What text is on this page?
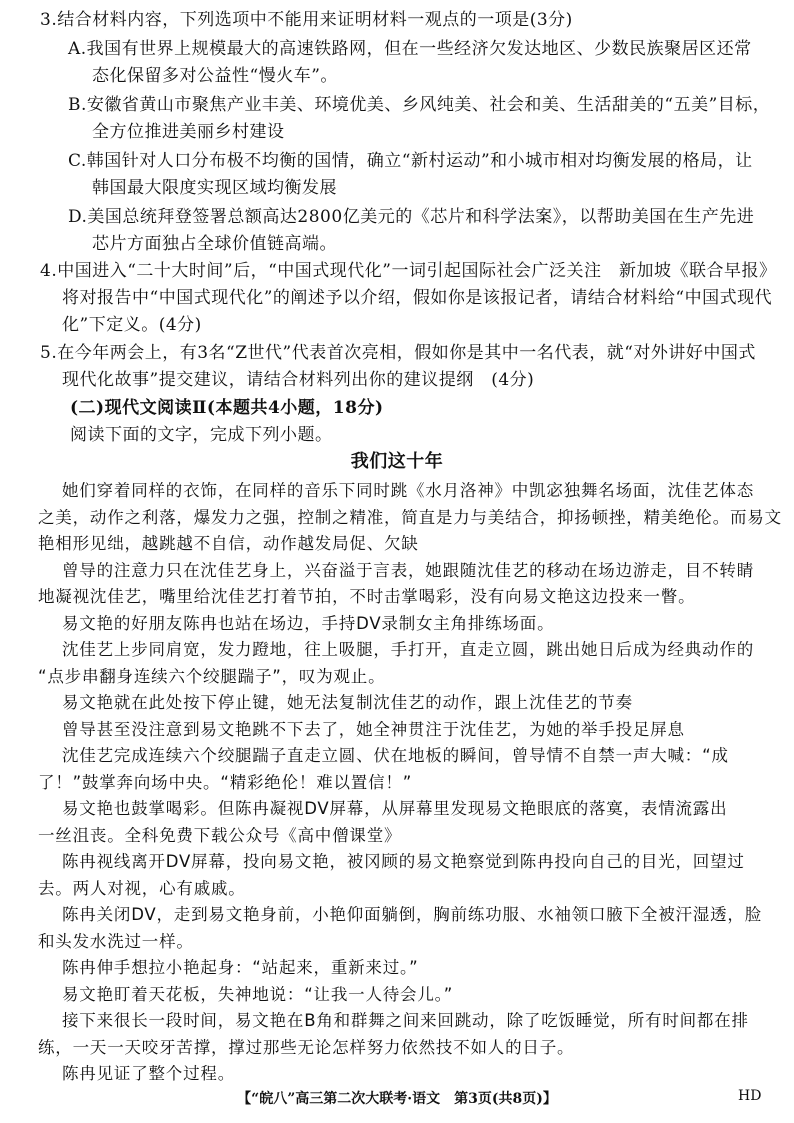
3.结合材料内容，下列选项中不能用来证明材料一观点的一项是(3分)
A.我国有世界上规模最大的高速铁路网，但在一些经济欠发达地区、少数民族聚居区还常
态化保留多对公益性“慢火车”。
B.安徽省黄山市聚焦产业丰美、环境优美、乡风纯美、社会和美、生活甜美的“五美”目标，
全方位推进美丽乡村建设
C.韩国针对人口分布极不均衡的国情，确立“新村运动”和小城市相对均衡发展的格局，让
韩国最大限度实现区域均衡发展
D.美国总统拜登签署总额高达2800亿美元的《芯片和科学法案》，以帮助美国在生产先进
芯片方面独占全球价值链高端。
4.中国进入“二十大时间”后，“中国式现代化”一词引起国际社会广泛关注　新加坡《联合早报》
将对报告中“中国式现代化”的阐述予以介绍，假如你是该报记者，请结合材料给“中国式现代
化”下定义。(4分)
5.在今年两会上，有3名“Z世代”代表首次亮相，假如你是其中一名代表，就“对外讲好中国式
现代化故事”提交建议，请结合材料列出你的建议提纲　(4分)
(二)现代文阅读Ⅱ(本题共4小题，18分)
阅读下面的文字，完成下列小题。
我们这十年
她们穿着同样的衣饰，在同样的音乐下同时跳《水月洛神》中凯宓独舞名场面，沈佳艺体态
之美，动作之利落，爆发力之强，控制之精准，简直是力与美结合，抑扬顿挫，精美绝伦。而易文
艳相形见绌，越跳越不自信，动作越发局促、欠缺
曾导的注意力只在沈佳艺身上，兴奋溢于言表，她跟随沈佳艺的移动在场边游走，目不转睛
地凝视沈佳艺，嘴里给沈佳艺打着节拍，不时击掌喝彩，没有向易文艳这边投来一瞥。
易文艳的好朋友陈冉也站在场边，手持DV录制女主角排练场面。
沈佳艺上步同肩宽，发力蹬地，往上吸腿，手打开，直走立圆，跳出她日后成为经典动作的
“点步串翻身连续六个绞腿踹子”，叹为观止。
易文艳就在此处按下停止键，她无法复制沈佳艺的动作，跟上沈佳艺的节奏
曾导甚至没注意到易文艳跳不下去了，她全神贯注于沈佳艺，为她的举手投足屏息
沈佳艺完成连续六个绞腿踹子直走立圆、伏在地板的瞬间，曾导情不自禁一声大喊：“成
了！”鼓掌奔向场中央。“精彩绝伦！难以置信！”
易文艳也鼓掌喝彩。但陈冉凝视DV屏幕，从屏幕里发现易文艳眼底的落寞，表情流露出
一丝沮丧。全科免费下载公众号《高中僧课堂》
陈冉视线离开DV屏幕，投向易文艳，被冈顾的易文艳察觉到陈冉投向自己的目光，回望过
去。两人对视，心有戚戚。
陈冉关闭DV，走到易文艳身前，小艳仰面躺倒，胸前练功服、水袖领口腋下全被汗湿透，脸
和头发水洗过一样。
陈冉伸手想拉小艳起身：“站起来，重新来过。”
易文艳盯着天花板，失神地说：“让我一人待会儿。”
接下来很长一段时间，易文艳在B角和群舞之间来回跳动，除了吃饭睡觉，所有时间都在排
练，一天一天咬牙苦撑，撑过那些无论怎样努力依然技不如人的日子。
【“皖八”高三第二次大联考·语文　第3页(共8页)】	HD
陈冉见证了整个过程。
